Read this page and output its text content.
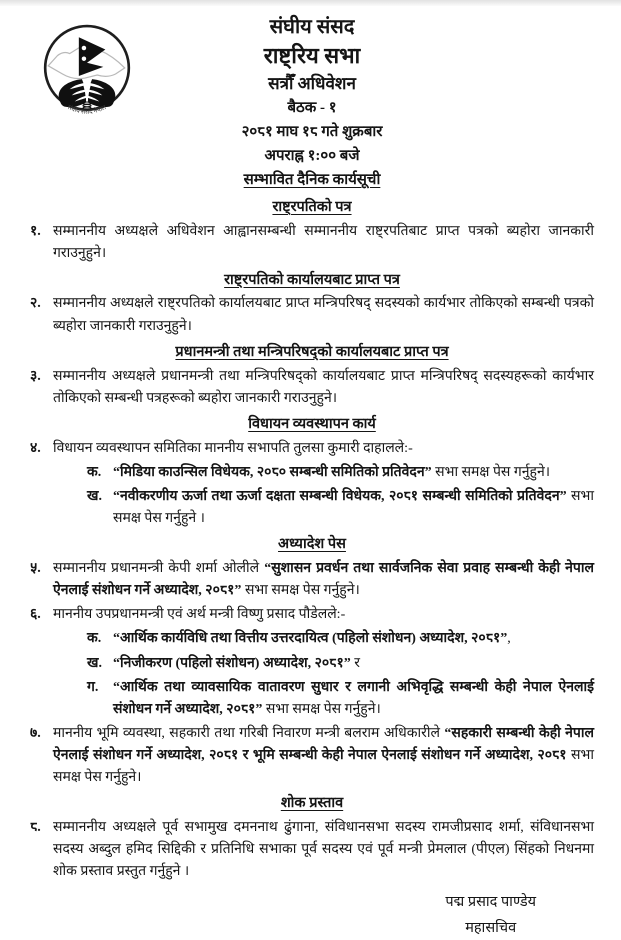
संघीय संसद नेपाल
संघीय संसद
राष्ट्रिय सभा
सत्रौँ अधिवेशन
बैठक - १
२०८१ माघ १८ गते शुक्रबार
अपराह्न १:०० बजे
सम्भावित दैनिक कार्यसूची
राष्ट्रपतिको पत्र
१. सम्माननीय अध्यक्षले अधिवेशन आह्वानसम्बन्धी सम्माननीय राष्ट्रपतिबाट प्राप्त पत्रको ब्यहोरा जानकारी गराउनुहुने।
राष्ट्रपतिको कार्यालयबाट प्राप्त पत्र
२. सम्माननीय अध्यक्षले राष्ट्रपतिको कार्यालयबाट प्राप्त मन्त्रिपरिषद् सदस्यको कार्यभार तोकिएको सम्बन्धी पत्रको ब्यहोरा जानकारी गराउनुहुने।
प्रधानमन्त्री तथा मन्त्रिपरिषद्को कार्यालयबाट प्राप्त पत्र
३. सम्माननीय अध्यक्षले प्रधानमन्त्री तथा मन्त्रिपरिषद्को कार्यालयबाट प्राप्त मन्त्रिपरिषद् सदस्यहरूको कार्यभार तोकिएको सम्बन्धी पत्रहरूको ब्यहोरा जानकारी गराउनुहुने।
विधायन व्यवस्थापन कार्य
४. विधायन व्यवस्थापन समितिका माननीय सभापति तुलसा कुमारी दाहालले:-
क. “मिडिया काउन्सिल विधेयक, २०८० सम्बन्धी समितिको प्रतिवेदन” सभा समक्ष पेस गर्नुहुने।
ख. “नवीकरणीय ऊर्जा तथा ऊर्जा दक्षता सम्बन्धी विधेयक, २०८१ सम्बन्धी समितिको प्रतिवेदन” सभा समक्ष पेस गर्नुहुने ।
अध्यादेश पेस
५. सम्माननीय प्रधानमन्त्री केपी शर्मा ओलीले “सुशासन प्रवर्धन तथा सार्वजनिक सेवा प्रवाह सम्बन्धी केही नेपाल ऐनलाई संशोधन गर्ने अध्यादेश, २०८१” सभा समक्ष पेस गर्नुहुने।
६. माननीय उपप्रधानमन्त्री एवं अर्थ मन्त्री विष्णु प्रसाद पौडेलले:-
क. “आर्थिक कार्यविधि तथा वित्तीय उत्तरदायित्व (पहिलो संशोधन) अध्यादेश, २०८१”,
ख. “निजीकरण (पहिलो संशोधन) अध्यादेश, २०८१” र
ग.	“आर्थिक तथा व्यावसायिक वातावरण सुधार र लगानी अभिवृद्धि सम्बन्धी केही नेपाल ऐनलाई संशोधन गर्ने अध्यादेश, २०८१” सभा समक्ष पेस गर्नुहुने।
७. माननीय भूमि व्यवस्था, सहकारी तथा गरिबी निवारण मन्त्री बलराम अधिकारीले “सहकारी सम्बन्धी केही नेपाल ऐनलाई संशोधन गर्ने अध्यादेश, २०८१ र भूमि सम्बन्धी केही नेपाल ऐनलाई संशोधन गर्ने अध्यादेश, २०८१ सभा समक्ष पेस गर्नुहुने।
शोक प्रस्ताव
८. सम्माननीय अध्यक्षले पूर्व सभामुख दमननाथ ढुंगाना, संविधानसभा सदस्य रामजीप्रसाद शर्मा, संविधानसभा सदस्य अब्दुल हमिद सिद्दिकी र प्रतिनिधि सभाका पूर्व सदस्य एवं पूर्व मन्त्री प्रेमलाल (पीएल) सिंहको निधनमा शोक प्रस्ताव प्रस्तुत गर्नुहुने ।
पद्म प्रसाद पाण्डेय
महासचिव
